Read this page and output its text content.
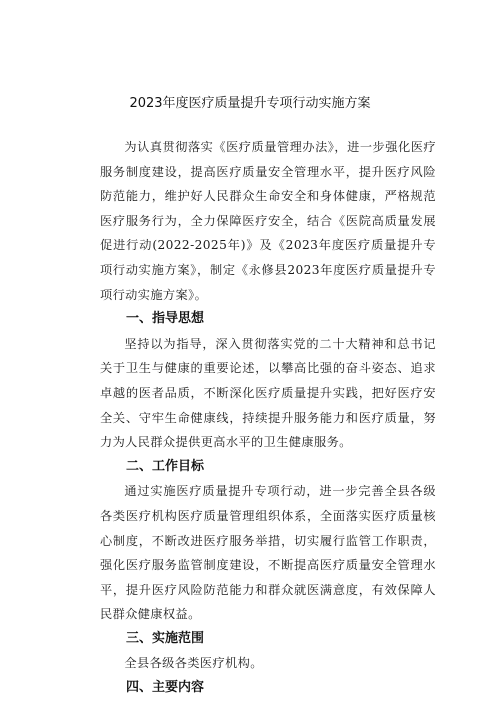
2023年度医疗质量提升专项行动实施方案

为认真贯彻落实《医疗质量管理办法》，进一步强化医疗服务制度建设，提高医疗质量安全管理水平，提升医疗风险防范能力，维护好人民群众生命安全和身体健康，严格规范医疗服务行为，全力保障医疗安全，结合《医院高质量发展促进行动(2022-2025年)》及《2023年度医疗质量提升专项行动实施方案》，制定《永修县2023年度医疗质量提升专项行动实施方案》。

一、指导思想

坚持以为指导，深入贯彻落实党的二十大精神和总书记关于卫生与健康的重要论述，以攀高比强的奋斗姿态、追求卓越的医者品质，不断深化医疗质量提升实践，把好医疗安全关、守牢生命健康线，持续提升服务能力和医疗质量，努力为人民群众提供更高水平的卫生健康服务。

二、工作目标

通过实施医疗质量提升专项行动，进一步完善全县各级各类医疗机构医疗质量管理组织体系，全面落实医疗质量核心制度，不断改进医疗服务举措，切实履行监管工作职责，强化医疗服务监管制度建设，不断提高医疗质量安全管理水平，提升医疗风险防范能力和群众就医满意度，有效保障人民群众健康权益。

三、实施范围

全县各级各类医疗机构。

四、主要内容
